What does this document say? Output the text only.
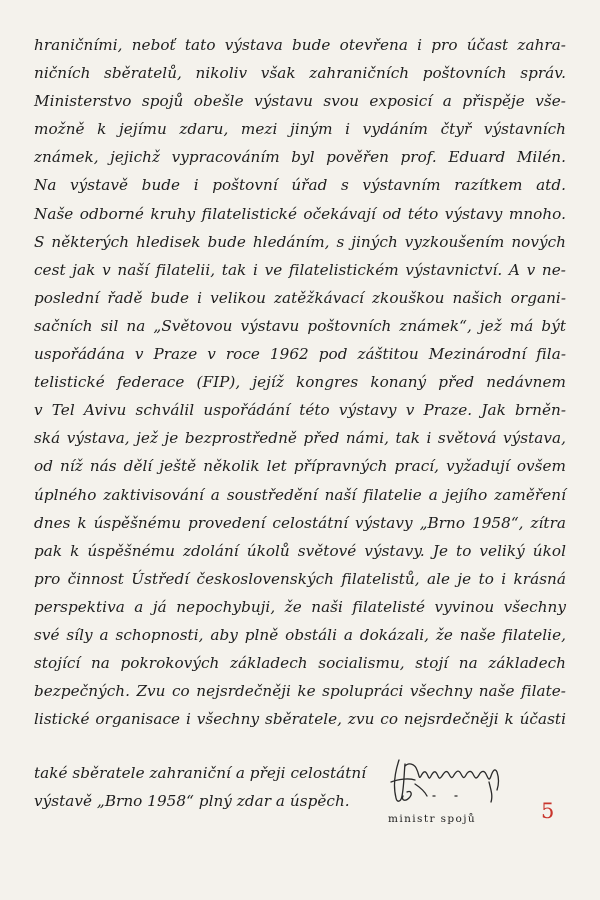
hraničními, neboť tato výstava bude otevřena i pro účast zahra-
ničních sběratelů, nikoliv však zahraničních poštovních správ.
Ministerstvo spojů obešle výstavu svou exposicí a přispěje vše-
možně k jejímu zdaru, mezi jiným i vydáním čtyř výstavních
známek, jejichž vypracováním byl pověřen prof. Eduard Milén.
Na výstavě bude i poštovní úřad s výstavním razítkem atd.
Naše odborné kruhy filatelistické očekávají od této výstavy mnoho.
S některých hledisek bude hledáním, s jiných vyzkoušením nových
cest jak v naší filatelii, tak i ve filatelistickém výstavnictví. A v ne-
poslední řadě bude i velikou zatěžkávací zkouškou našich organi-
sačních sil na „Světovou výstavu poštovních známek“, jež má být
uspořádána v Praze v roce 1962 pod záštitou Mezinárodní fila-
telistické federace (FIP), jejíž kongres konaný před nedávnem
v Tel Avivu schválil uspořádání této výstavy v Praze. Jak brněn-
ská výstava, jež je bezprostředně před námi, tak i světová výstava,
od níž nás dělí ještě několik let přípravných prací, vyžadují ovšem
úplného zaktivisování a soustředění naší filatelie a jejího zaměření
dnes k úspěšnému provedení celostátní výstavy „Brno 1958“, zítra
pak k úspěšnému zdolání úkolů světové výstavy. Je to veliký úkol
pro činnost Ústředí československých filatelistů, ale je to i krásná
perspektiva a já nepochybuji, že naši filatelisté vyvinou všechny
své síly a schopnosti, aby plně obstáli a dokázali, že naše filatelie,
stojící na pokrokových základech socialismu, stojí na základech
bezpečných. Zvu co nejsrdečněji ke spolupráci všechny naše filate-
listické organisace i všechny sběratele, zvu co nejsrdečněji k účasti
také sběratele zahraniční a přeji celostátní
výstavě „Brno 1958“ plný zdar a úspěch.
ministr spojů	5
